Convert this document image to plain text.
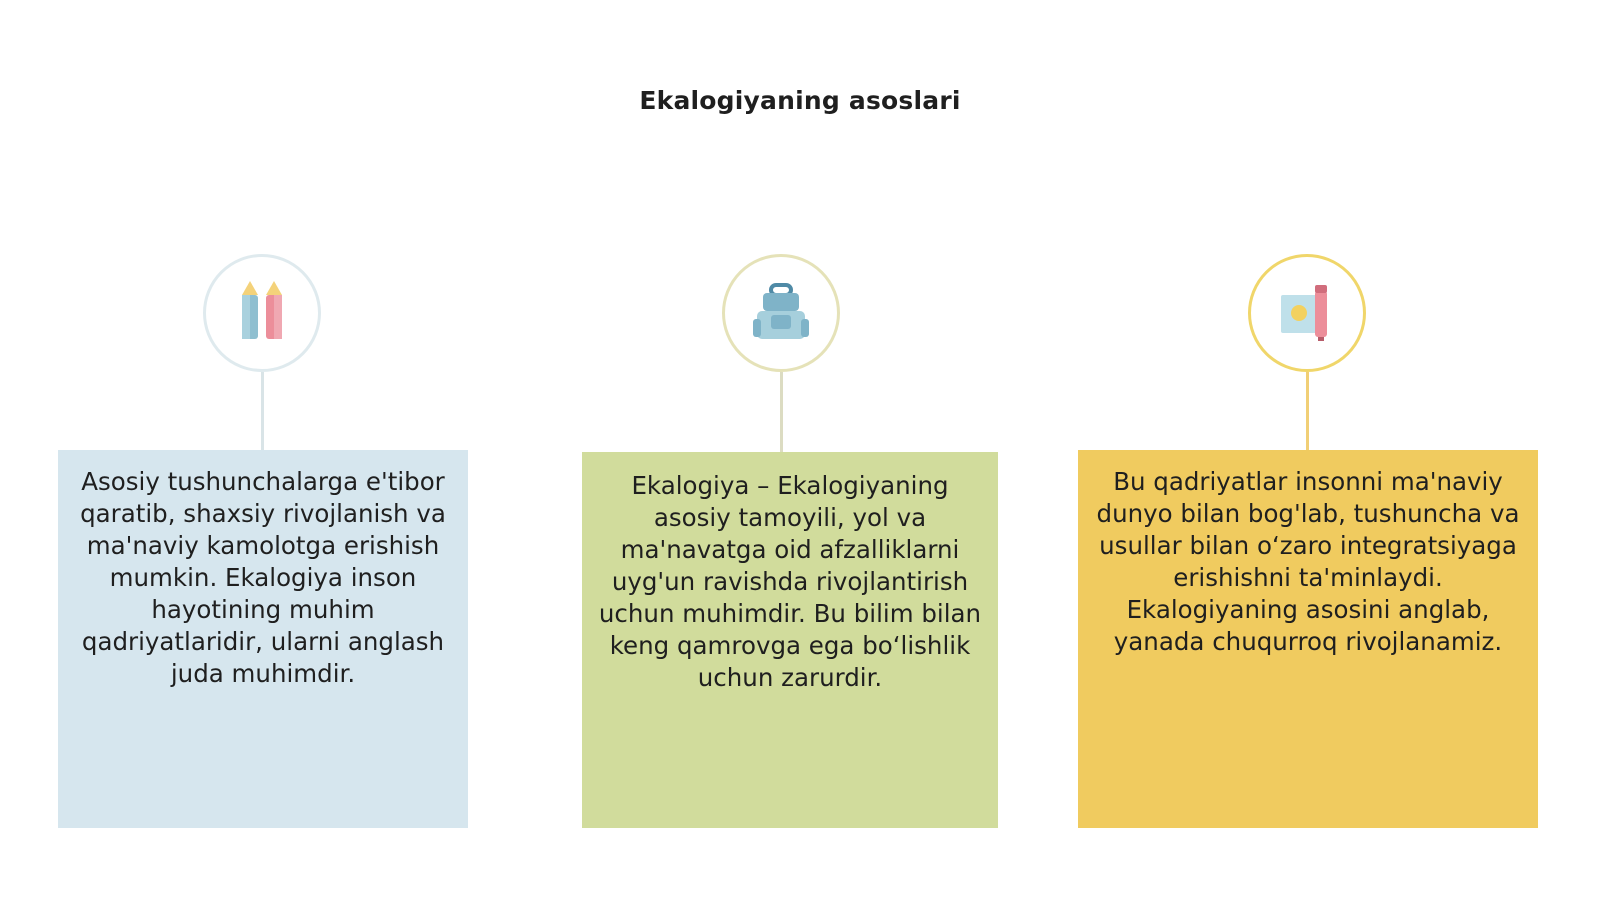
Ekalogiyaning asoslari
Asosiy tushunchalarga e'tibor qaratib, shaxsiy rivojlanish va ma'naviy kamolotga erishish mumkin. Ekalogiya inson hayotining muhim qadriyatlaridir, ularni anglash juda muhimdir.
Ekalogiya – Ekalogiyaning asosiy tamoyili, yol va ma'navatga oid afzalliklarni uyg'un ravishda rivojlantirish uchun muhimdir. Bu bilim bilan keng qamrovga ega bo‘lishlik uchun zarurdir.
Bu qadriyatlar insonni ma'naviy dunyo bilan bog'lab, tushuncha va usullar bilan o‘zaro integratsiyaga erishishni ta'minlaydi. Ekalogiyaning asosini anglab, yanada chuqurroq rivojlanamiz.
